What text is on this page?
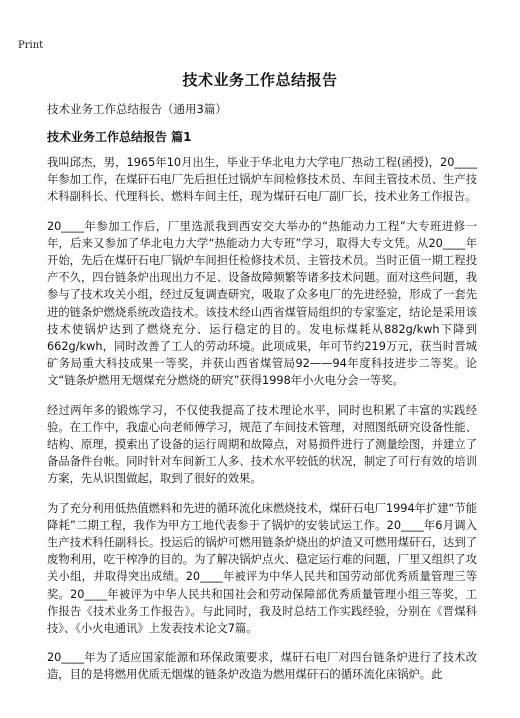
Print
技术业务工作总结报告
技术业务工作总结报告（通用3篇）
技术业务工作总结报告 篇1

我叫邱杰，男，1965年10月出生，毕业于华北电力大学电厂热动工程(函授)，20____年参加工作，在煤矸石电厂先后担任过锅炉车间检修技术员、车间主管技术员、生产技术科副科长、代理科长、燃料车间主任，现为煤矸石电厂副厂长，技术业务工作报告。

20____年参加工作后，厂里选派我到西安交大举办的“热能动力工程”大专班进修一年，后来又参加了华北电力大学“热能动力大专班”学习，取得大专文凭。从20____年开始，先后在煤矸石电厂锅炉车间担任检修技术员、主管技术员。当时正值一期工程投产不久，四台链条炉出现出力不足、设备故障频繁等诸多技术问题。面对这些问题，我参与了技术攻关小组，经过反复调查研究，吸取了众多电厂的先进经验，形成了一套先进的链条炉燃烧系统改造技术。该技术经山西省煤管局组织的专家鉴定，结论是采用该技术使锅炉达到了燃烧充分、运行稳定的目的。发电标煤耗从882g/kwh下降到662g/kwh，同时改善了工人的劳动环境。此项成果，年可节约219万元，获当时晋城矿务局重大科技成果一等奖，并获山西省煤管局92——94年度科技进步二等奖。论文“链条炉燃用无烟煤充分燃烧的研究”获得1998年小火电分会一等奖。

经过两年多的锻炼学习，不仅使我提高了技术理论水平，同时也积累了丰富的实践经验。在工作中，我虚心向老师傅学习，规范了车间技术管理，对照图纸研究设备性能、结构、原理，摸索出了设备的运行周期和故障点，对易损件进行了测量绘图，并建立了备品备件台帐。同时针对车间新工人多、技术水平较低的状况，制定了可行有效的培训方案，先从识图做起，取到了很好的效果。

为了充分利用低热值燃料和先进的循环流化床燃烧技术，煤矸石电厂1994年扩建“节能降耗”二期工程，我作为甲方工地代表参于了锅炉的安装试运工作。20____年6月调入生产技术科任副科长。投运后的锅炉可燃用链条炉烧出的炉渣又可燃用煤矸石，达到了废物利用，吃干榨净的目的。为了解决锅炉点火、稳定运行难的问题，厂里又组织了攻关小组，并取得突出成绩。20____年被评为中华人民共和国劳动部优秀质量管理三等奖。20____年被评为中华人民共和国社会和劳动保障部优秀质量管理小组三等奖，工作报告《技术业务工作报告》。与此同时，我及时总结工作实践经验，分别在《晋煤科技》、《小火电通讯》上发表技术论文7篇。

20____年为了适应国家能源和环保政策要求，煤矸石电厂对四台链条炉进行了技术改造，目的是将燃用优质无烟煤的链条炉改造为燃用煤矸石的循环流化床锅炉。此
